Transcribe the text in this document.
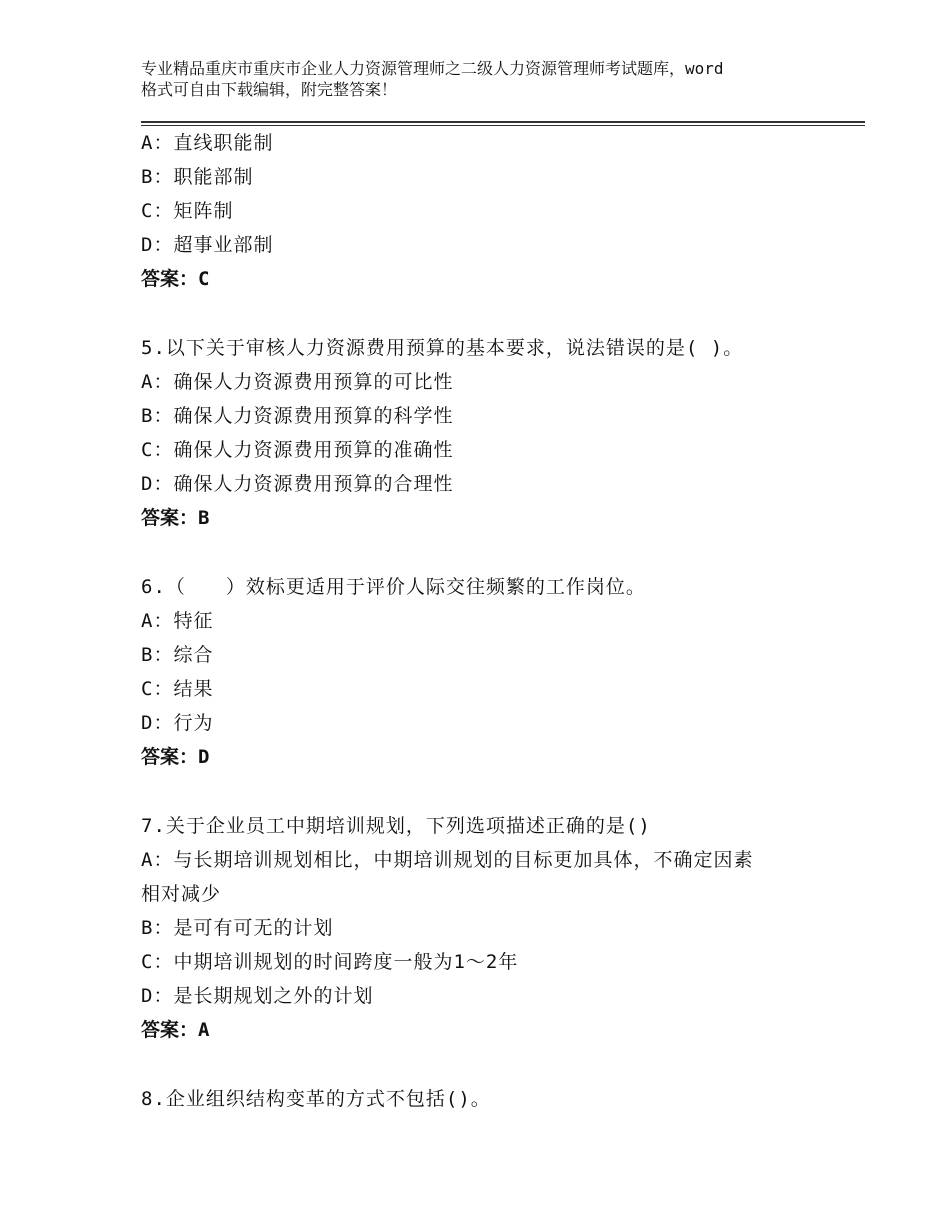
专业精品重庆市重庆市企业人力资源管理师之二级人力资源管理师考试题库，word
格式可自由下载编辑，附完整答案！
A：直线职能制
B：职能部制
C：矩阵制
D：超事业部制
答案：C
5.以下关于审核人力资源费用预算的基本要求，说法错误的是( )。
A：确保人力资源费用预算的可比性
B：确保人力资源费用预算的科学性
C：确保人力资源费用预算的准确性
D：确保人力资源费用预算的合理性
答案：B
6.（　　）效标更适用于评价人际交往频繁的工作岗位。
A：特征
B：综合
C：结果
D：行为
答案：D
7.关于企业员工中期培训规划，下列选项描述正确的是()
A：与长期培训规划相比，中期培训规划的目标更加具体，不确定因素
相对减少
B：是可有可无的计划
C：中期培训规划的时间跨度一般为1～2年
D：是长期规划之外的计划
答案：A
8.企业组织结构变革的方式不包括()。
